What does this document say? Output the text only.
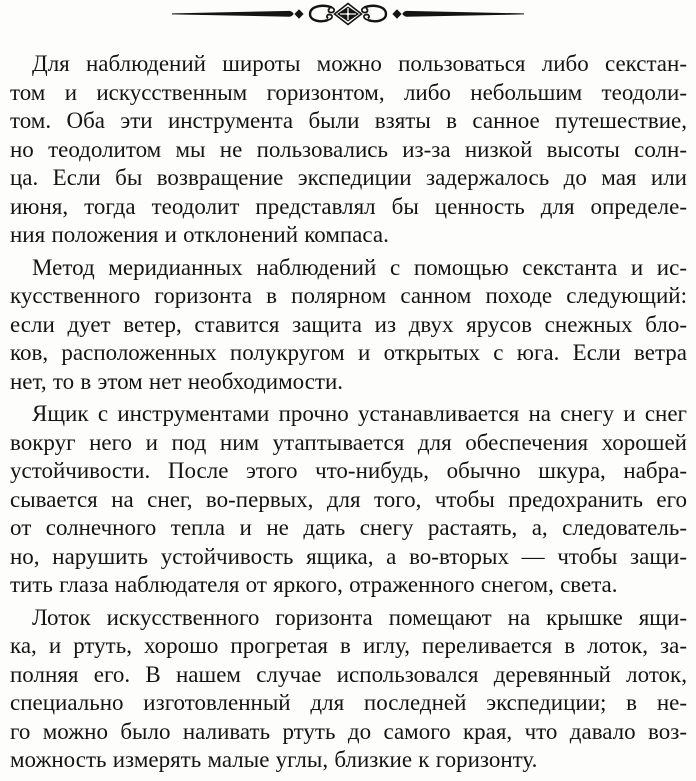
Для наблюдений широты можно пользоваться либо секстан-
том и искусственным горизонтом, либо небольшим теодоли-
том. Оба эти инструмента были взяты в санное путешествие,
но теодолитом мы не пользовались из-за низкой высоты солн-
ца. Если бы возвращение экспедиции задержалось до мая или
июня, тогда теодолит представлял бы ценность для определе-
ния положения и отклонений компаса.

Метод меридианных наблюдений с помощью секстанта и ис-
кусственного горизонта в полярном санном походе следующий:
если дует ветер, ставится защита из двух ярусов снежных бло-
ков, расположенных полукругом и открытых с юга. Если ветра
нет, то в этом нет необходимости.

Ящик с инструментами прочно устанавливается на снегу и снег
вокруг него и под ним утаптывается для обеспечения хорошей
устойчивости. После этого что-нибудь, обычно шкура, набра-
сывается на снег, во-первых, для того, чтобы предохранить его
от солнечного тепла и не дать снегу растаять, а, следователь-
но, нарушить устойчивость ящика, а во-вторых — чтобы защи-
тить глаза наблюдателя от яркого, отраженного снегом, света.

Лоток искусственного горизонта помещают на крышке ящи-
ка, и ртуть, хорошо прогретая в иглу, переливается в лоток, за-
полняя его. В нашем случае использовался деревянный лоток,
специально изготовленный для последней экспедиции; в не-
го можно было наливать ртуть до самого края, что давало воз-
можность измерять малые углы, близкие к горизонту.
